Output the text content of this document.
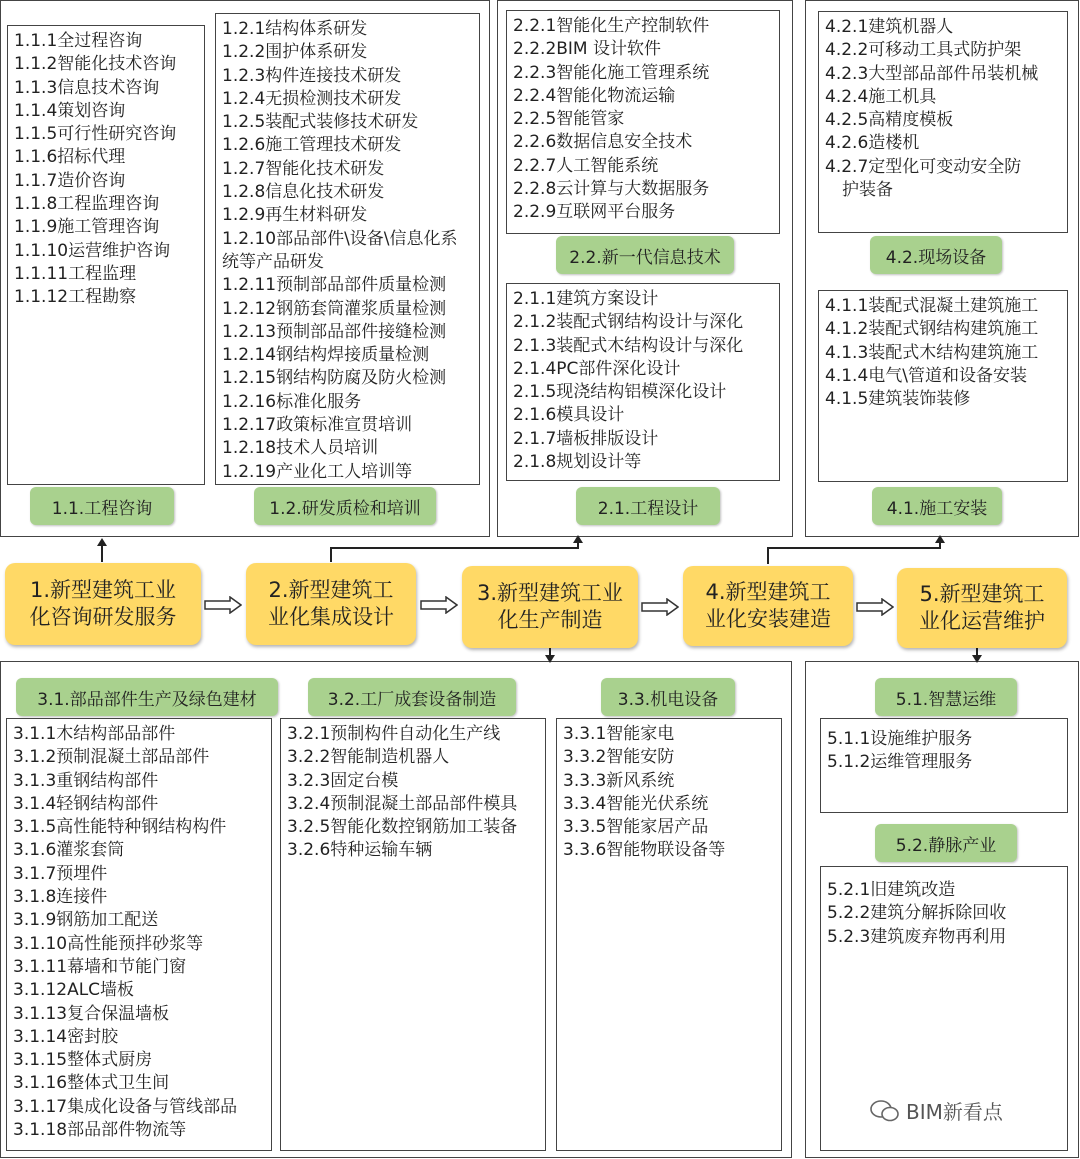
1.1.1全过程咨询
1.1.2智能化技术咨询
1.1.3信息技术咨询
1.1.4策划咨询
1.1.5可行性研究咨询
1.1.6招标代理
1.1.7造价咨询
1.1.8工程监理咨询
1.1.9施工管理咨询
1.1.10运营维护咨询
1.1.11工程监理
1.1.12工程勘察
1.1.工程咨询
1.2.1结构体系研发
1.2.2围护体系研发
1.2.3构件连接技术研发
1.2.4无损检测技术研发
1.2.5装配式装修技术研发
1.2.6施工管理技术研发
1.2.7智能化技术研发
1.2.8信息化技术研发
1.2.9再生材料研发
1.2.10部品部件\设备\信息化系统等产品研发
1.2.11预制部品部件质量检测
1.2.12钢筋套筒灌浆质量检测
1.2.13预制部品部件接缝检测
1.2.14钢结构焊接质量检测
1.2.15钢结构防腐及防火检测
1.2.16标准化服务
1.2.17政策标准宣贯培训
1.2.18技术人员培训
1.2.19产业化工人培训等
1.2.研发质检和培训
2.2.1智能化生产控制软件
2.2.2BIM 设计软件
2.2.3智能化施工管理系统
2.2.4智能化物流运输
2.2.5智能管家
2.2.6数据信息安全技术
2.2.7人工智能系统
2.2.8云计算与大数据服务
2.2.9互联网平台服务
2.2.新一代信息技术
2.1.1建筑方案设计
2.1.2装配式钢结构设计与深化
2.1.3装配式木结构设计与深化
2.1.4PC部件深化设计
2.1.5现浇结构铝模深化设计
2.1.6模具设计
2.1.7墙板排版设计
2.1.8规划设计等
2.1.工程设计
4.2.1建筑机器人
4.2.2可移动工具式防护架
4.2.3大型部品部件吊装机械
4.2.4施工机具
4.2.5高精度模板
4.2.6造楼机
4.2.7定型化可变动安全防
　护装备
4.2.现场设备
4.1.1装配式混凝土建筑施工
4.1.2装配式钢结构建筑施工
4.1.3装配式木结构建筑施工
4.1.4电气\管道和设备安装
4.1.5建筑装饰装修
4.1.施工安装
1.新型建筑工业化咨询研发服务
2.新型建筑工业化集成设计
3.新型建筑工业化生产制造
4.新型建筑工业化安装建造
5.新型建筑工业化运营维护
3.1.部品部件生产及绿色建材
3.1.1木结构部品部件
3.1.2预制混凝土部品部件
3.1.3重钢结构部件
3.1.4轻钢结构部件
3.1.5高性能特种钢结构构件
3.1.6灌浆套筒
3.1.7预埋件
3.1.8连接件
3.1.9钢筋加工配送
3.1.10高性能预拌砂浆等
3.1.11幕墙和节能门窗
3.1.12ALC墙板
3.1.13复合保温墙板
3.1.14密封胶
3.1.15整体式厨房
3.1.16整体式卫生间
3.1.17集成化设备与管线部品
3.1.18部品部件物流等
3.2.工厂成套设备制造
3.2.1预制构件自动化生产线
3.2.2智能制造机器人
3.2.3固定台模
3.2.4预制混凝土部品部件模具
3.2.5智能化数控钢筋加工装备
3.2.6特种运输车辆
3.3.机电设备
3.3.1智能家电
3.3.2智能安防
3.3.3新风系统
3.3.4智能光伏系统
3.3.5智能家居产品
3.3.6智能物联设备等
5.1.智慧运维
5.1.1设施维护服务
5.1.2运维管理服务
5.2.静脉产业
5.2.1旧建筑改造
5.2.2建筑分解拆除回收
5.2.3建筑废弃物再利用
BIM新看点
